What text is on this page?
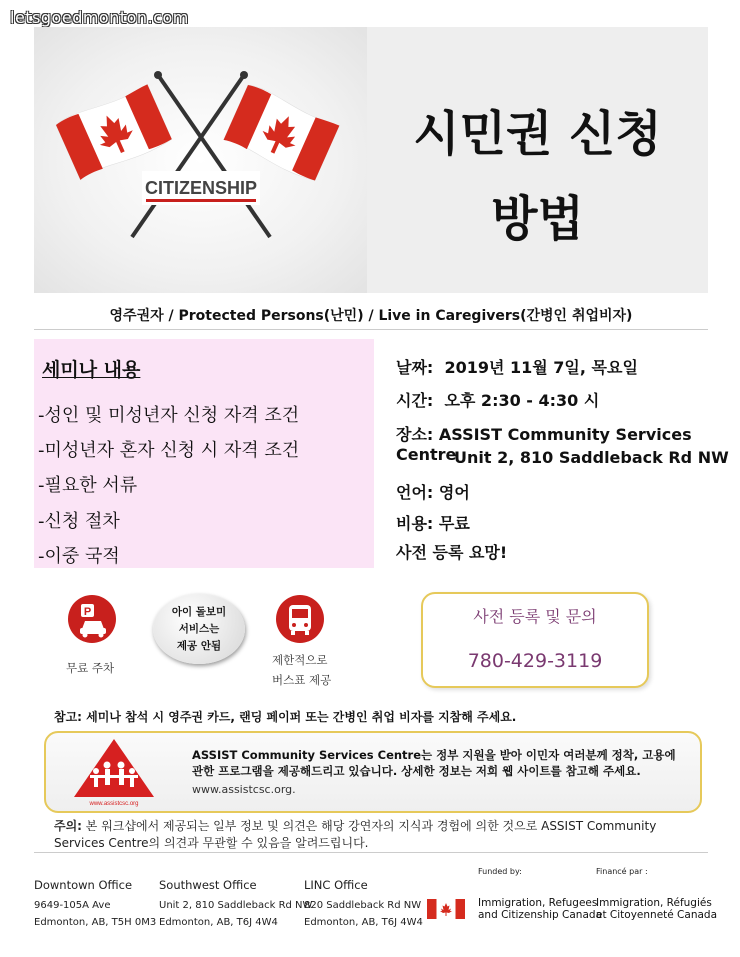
letsgoedmonton.com
CITIZENSHIP
시민권 신청
방법
영주권자 / Protected Persons(난민) / Live in Caregivers(간병인 취업비자)
세미나 내용
-성인 및 미성년자 신청 자격 조건
-미성년자 혼자 신청 시 자격 조건
-필요한 서류
-신청 절차
-이중 국적
날짜: 2019년 11월 7일, 목요일
시간: 오후 2:30 - 4:30 시
장소: ASSIST Community Services Centre
Unit 2, 810 Saddleback Rd NW
언어: 영어
비용: 무료
사전 등록 요망!
P
무료 주차
아이 돌보미
서비스는
제공 안됨
제한적으로
버스표 제공
사전 등록 및 문의
780-429-3119
참고: 세미나 참석 시 영주권 카드, 랜딩 페이퍼 또는 간병인 취업 비자를 지참해 주세요.
www.assistcsc.org
ASSIST Community Services Centre는 정부 지원을 받아 이민자 여러분께 정착, 고용에 관한 프로그램을 제공해드리고 있습니다. 상세한 정보는 저희 웹 사이트를 참고해 주세요.
www.assistcsc.org.
주의: 본 워크샵에서 제공되는 일부 정보 및 의견은 해당 강연자의 지식과 경험에 의한 것으로 ASSIST Community Services Centre의 의견과 무관할 수 있음을 알려드립니다.
Downtown Office
9649-105A Ave
Edmonton, AB, T5H 0M3
Southwest Office
Unit 2, 810 Saddleback Rd NW
Edmonton, AB, T6J 4W4
LINC Office
820 Saddleback Rd NW
Edmonton, AB, T6J 4W4
Funded by:	Financé par :
Immigration, Refugees
and Citizenship Canada
Immigration, Réfugiés
et Citoyenneté Canada
